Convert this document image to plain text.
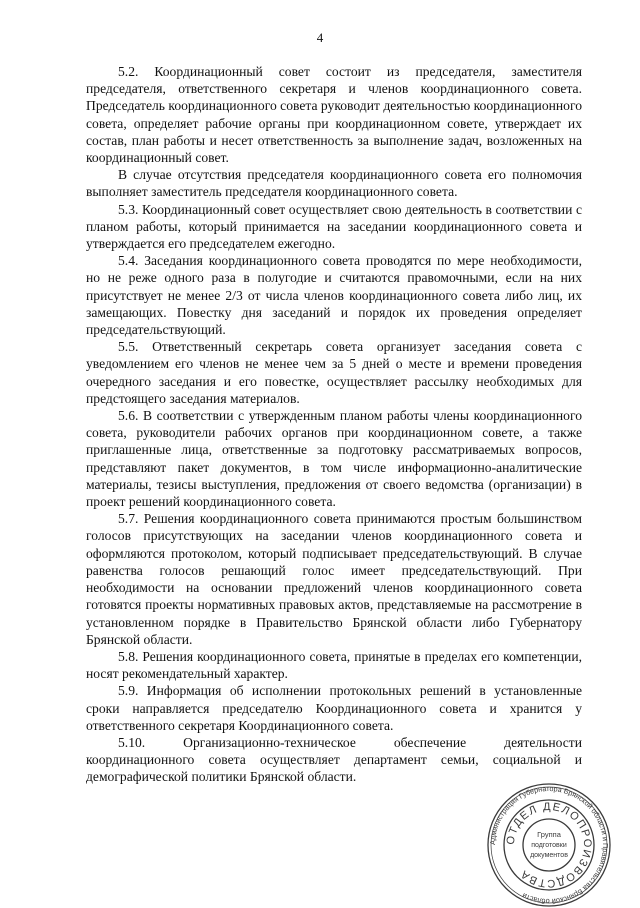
4

5.2. Координационный совет состоит из председателя, заместителя председателя, ответственного секретаря и членов координационного совета. Председатель координационного совета руководит деятельностью координационного совета, определяет рабочие органы при координационном совете, утверждает их состав, план работы и несет ответственность за выполнение задач, возложенных на координационный совет.

В случае отсутствия председателя координационного совета его полномочия выполняет заместитель председателя координационного совета.

5.3. Координационный совет осуществляет свою деятельность в соответствии с планом работы, который принимается на заседании координационного совета и утверждается его председателем ежегодно.

5.4. Заседания координационного совета проводятся по мере необходимости, но не реже одного раза в полугодие и считаются правомочными, если на них присутствует не менее 2/3 от числа членов координационного совета либо лиц, их замещающих. Повестку дня заседаний и порядок их проведения определяет председательствующий.

5.5. Ответственный секретарь совета организует заседания совета с уведомлением его членов не менее чем за 5 дней о месте и времени проведения очередного заседания и его повестке, осуществляет рассылку необходимых для предстоящего заседания материалов.

5.6. В соответствии с утвержденным планом работы члены координационного совета, руководители рабочих органов при координационном совете, а также приглашенные лица, ответственные за подготовку рассматриваемых вопросов, представляют пакет документов, в том числе информационно-аналитические материалы, тезисы выступления, предложения от своего ведомства (организации) в проект решений координационного совета.

5.7. Решения координационного совета принимаются простым большинством голосов присутствующих на заседании членов координационного совета и оформляются протоколом, который подписывает председательствующий. В случае равенства голосов решающий голос имеет председательствующий. При необходимости на основании предложений членов координационного совета готовятся проекты нормативных правовых актов, представляемые на рассмотрение в установленном порядке в Правительство Брянской области либо Губернатору Брянской области.

5.8. Решения координационного совета, принятые в пределах его компетенции, носят рекомендательный характер.

5.9. Информация об исполнении протокольных решений в установленные сроки направляется председателю Координационного совета и хранится у ответственного секретаря Координационного совета.

5.10. Организационно-техническое обеспечение деятельности координационного совета осуществляет департамент семьи, социальной и демографической политики Брянской области.

Администрация Губернатора Брянской области и Правительства Брянской области
ОТДЕЛ ДЕЛОПРОИЗВОДСТВА
Группа
подготовки
документов
